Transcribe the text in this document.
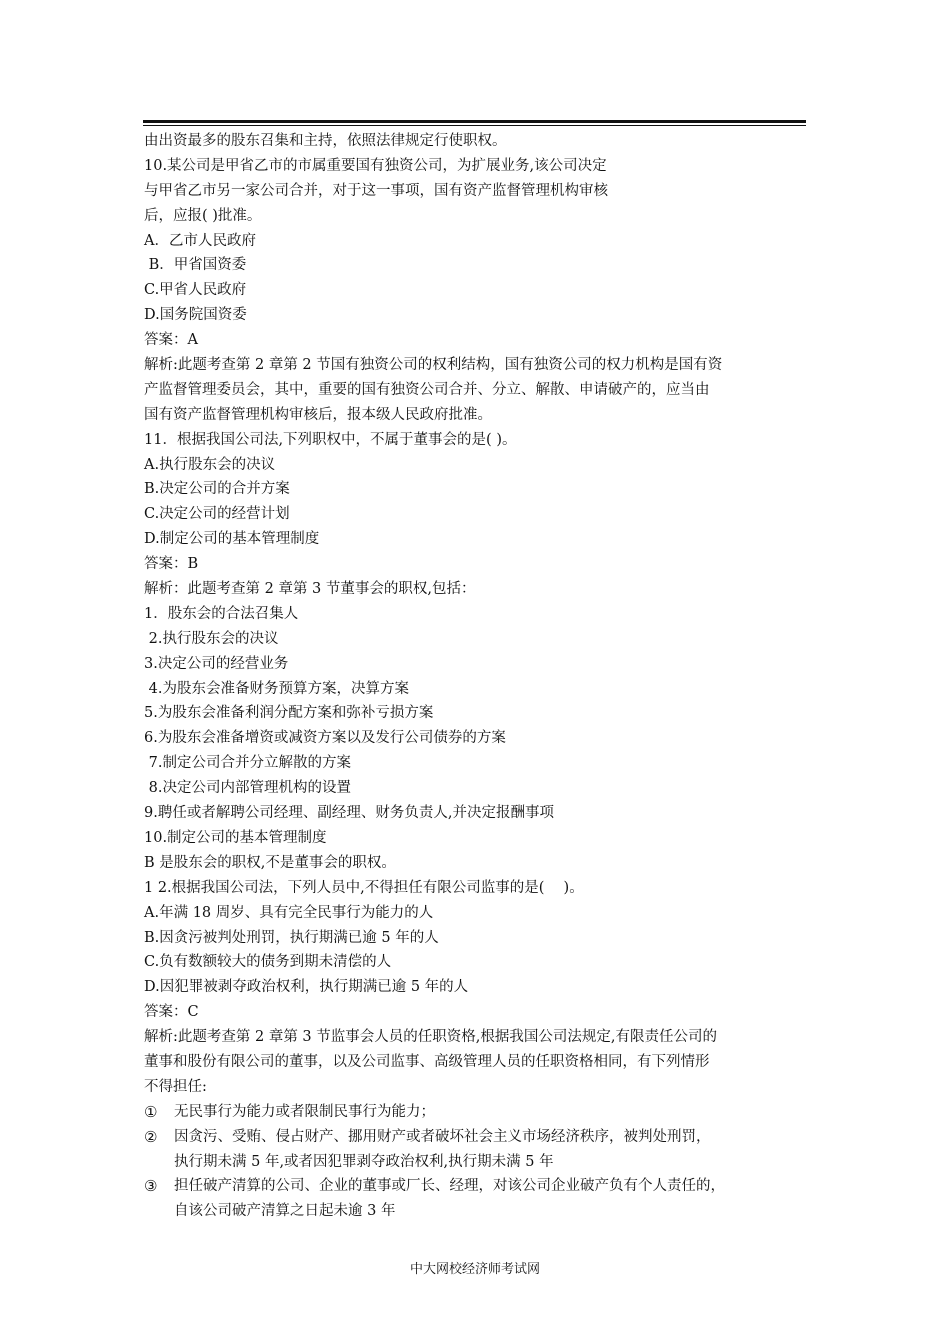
由出资最多的股东召集和主持，依照法律规定行使职权。
10.某公司是甲省乙市的市属重要国有独资公司，为扩展业务,该公司决定
与甲省乙市另一家公司合并，对于这一事项，国有资产监督管理机构审核
后，应报( )批准。
A．乙市人民政府
B．甲省国资委
C.甲省人民政府
D.国务院国资委
答案：A
解析:此题考查第 2 章第 2 节国有独资公司的权利结构，国有独资公司的权力机构是国有资
产监督管理委员会，其中，重要的国有独资公司合并、分立、解散、申请破产的，应当由
国有资产监督管理机构审核后，报本级人民政府批准。
11．根据我国公司法,下列职权中，不属于董事会的是( )。
A.执行股东会的决议
B.决定公司的合并方案
C.决定公司的经营计划
D.制定公司的基本管理制度
答案：B
解析：此题考查第 2 章第 3 节董事会的职权,包括：
1．股东会的合法召集人
2.执行股东会的决议
3.决定公司的经营业务
4.为股东会准备财务预算方案，决算方案
5.为股东会准备利润分配方案和弥补亏损方案
6.为股东会准备增资或减资方案以及发行公司债券的方案
7.制定公司合并分立解散的方案
8.决定公司内部管理机构的设置
9.聘任或者解聘公司经理、副经理、财务负责人,并决定报酬事项
10.制定公司的基本管理制度
B 是股东会的职权,不是董事会的职权。
1 2.根据我国公司法，下列人员中,不得担任有限公司监事的是(　 )。
A.年满 18 周岁、具有完全民事行为能力的人
B.因贪污被判处刑罚，执行期满已逾 5 年的人
C.负有数额较大的债务到期未清偿的人
D.因犯罪被剥夺政治权利，执行期满已逾 5 年的人
答案：C
解析:此题考查第 2 章第 3 节监事会人员的任职资格,根据我国公司法规定,有限责任公司的
董事和股份有限公司的董事，以及公司监事、高级管理人员的任职资格相同，有下列情形
不得担任:
①	无民事行为能力或者限制民事行为能力；
②	因贪污、受贿、侵占财产、挪用财产或者破坏社会主义市场经济秩序，被判处刑罚，
执行期未满 5 年,或者因犯罪剥夺政治权利,执行期未满 5 年
③	担任破产清算的公司、企业的董事或厂长、经理，对该公司企业破产负有个人责任的，
自该公司破产清算之日起未逾 3 年
中大网校经济师考试网
